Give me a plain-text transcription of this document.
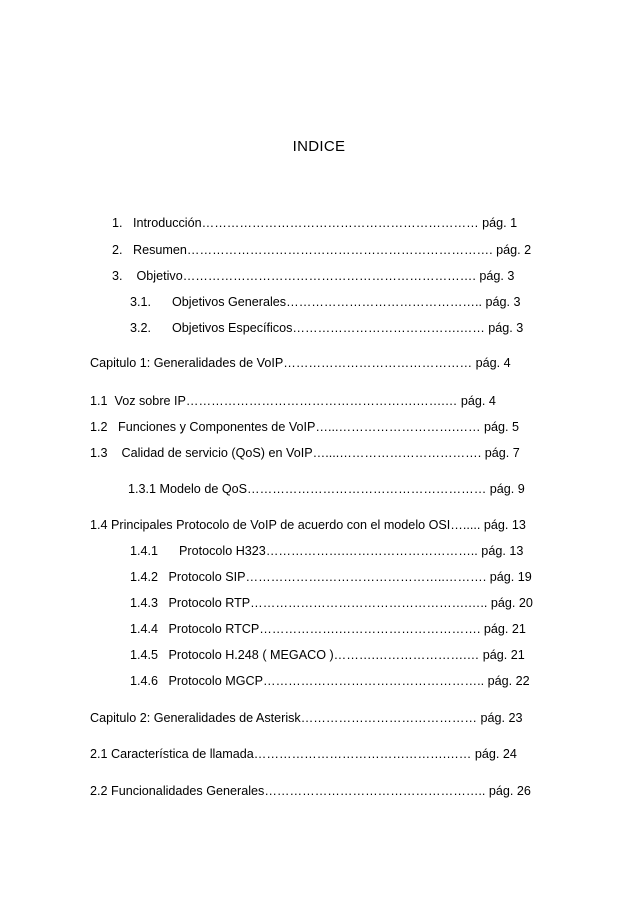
INDICE
1.   Introducción………………………………………………………… pág. 1
2.   Resumen………………………………………………………………. pág. 2
3.    Objetivo……………………………………………………………. pág. 3
3.1.      Objetivos Generales……………………………………….. pág. 3
3.2.      Objetivos Específicos………………………………….…… pág. 3
Capitulo 1: Generalidades de VoIP……………………………………… pág. 4
1.1  Voz sobre IP……………………………………………….…….… pág. 4
1.2   Funciones y Componentes de VoIP…...……………………….…… pág. 5
1.3    Calidad de servicio (QoS) en VoIP…....……………………………. pág. 7
1.3.1 Modelo de QoS………………………………………………… pág. 9
1.4 Principales Protocolo de VoIP de acuerdo con el modelo OSI…..... pág. 13
1.4.1      Protocolo H323……………….………………………….. pág. 13
1.4.2   Protocolo SIP……………….………………………..………. pág. 19
1.4.3   Protocolo RTP…………………………………………….….. pág. 20
1.4.4   Protocolo RTCP……………….……………………………. pág. 21
1.4.5   Protocolo H.248 ( MEGACO )……….………………….… pág. 21
1.4.6   Protocolo MGCP…………………………………………….. pág. 22
Capitulo 2: Generalidades de Asterisk…………………………………… pág. 23
2.1 Característica de llamada……………………………………….…… pág. 24
2.2 Funcionalidades Generales…………………………………………….. pág. 26
